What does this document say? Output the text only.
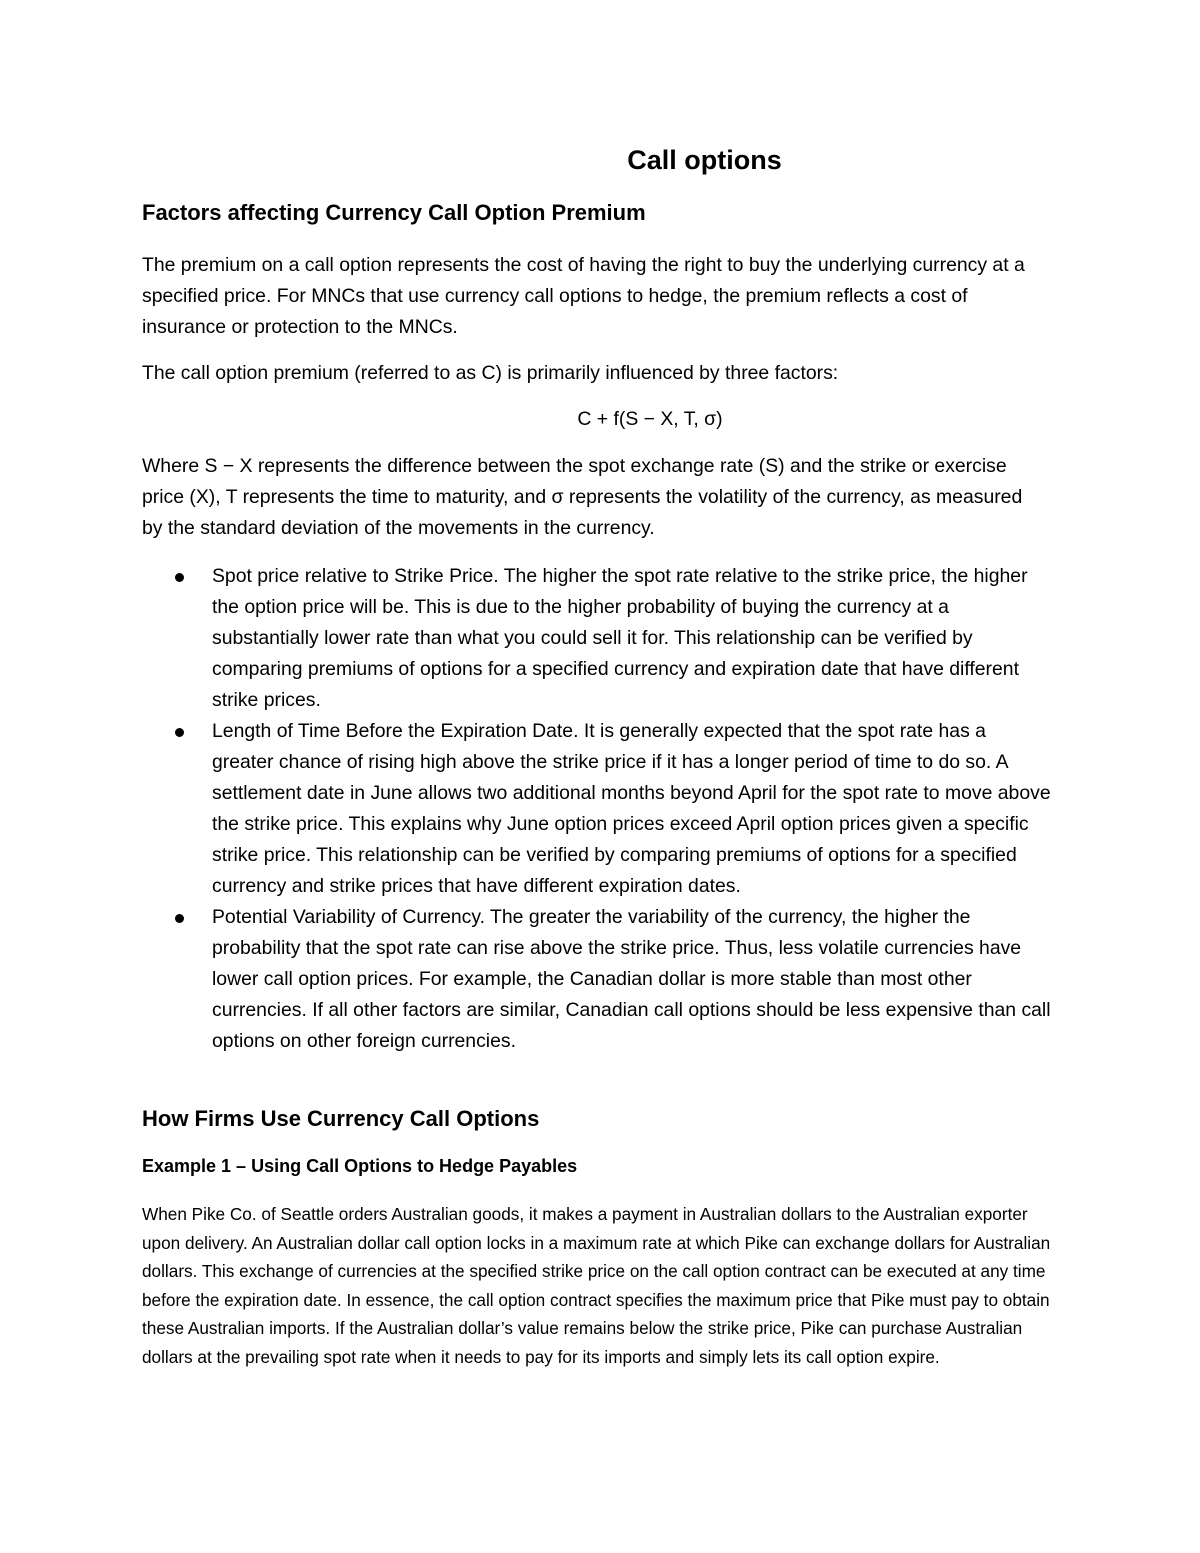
Call options
Factors affecting Currency Call Option Premium

The premium on a call option represents the cost of having the right to buy the underlying currency at a specified price. For MNCs that use currency call options to hedge, the premium reflects a cost of insurance or protection to the MNCs.

The call option premium (referred to as C) is primarily influenced by three factors:

C + f(S − X, T, σ)

Where S − X represents the difference between the spot exchange rate (S) and the strike or exercise price (X), T represents the time to maturity, and σ represents the volatility of the currency, as measured by the standard deviation of the movements in the currency.

Spot price relative to Strike Price. The higher the spot rate relative to the strike price, the higher the option price will be. This is due to the higher probability of buying the currency at a substantially lower rate than what you could sell it for. This relationship can be verified by comparing premiums of options for a specified currency and expiration date that have different strike prices.
Length of Time Before the Expiration Date. It is generally expected that the spot rate has a greater chance of rising high above the strike price if it has a longer period of time to do so. A settlement date in June allows two additional months beyond April for the spot rate to move above the strike price. This explains why June option prices exceed April option prices given a specific strike price. This relationship can be verified by comparing premiums of options for a specified currency and strike prices that have different expiration dates.
Potential Variability of Currency. The greater the variability of the currency, the higher the probability that the spot rate can rise above the strike price. Thus, less volatile currencies have lower call option prices. For example, the Canadian dollar is more stable than most other currencies. If all other factors are similar, Canadian call options should be less expensive than call options on other foreign currencies.
How Firms Use Currency Call Options
Example 1 – Using Call Options to Hedge Payables

When Pike Co. of Seattle orders Australian goods, it makes a payment in Australian dollars to the Australian exporter upon delivery. An Australian dollar call option locks in a maximum rate at which Pike can exchange dollars for Australian dollars. This exchange of currencies at the specified strike price on the call option contract can be executed at any time before the expiration date. In essence, the call option contract specifies the maximum price that Pike must pay to obtain these Australian imports. If the Australian dollar’s value remains below the strike price, Pike can purchase Australian dollars at the prevailing spot rate when it needs to pay for its imports and simply lets its call option expire.
